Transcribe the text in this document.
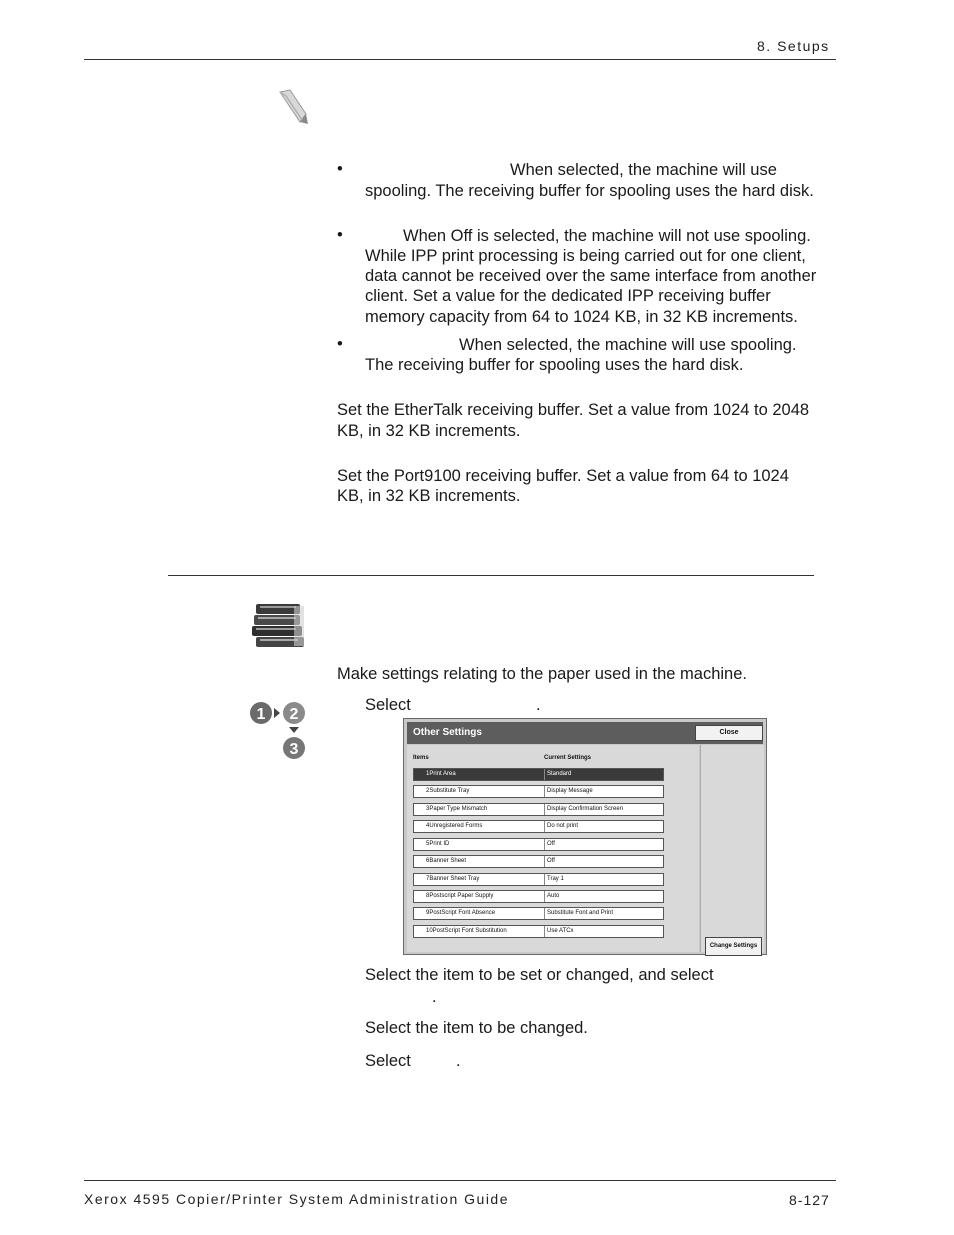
8. Setups
•	When selected, the machine will use
spooling. The receiving buffer for spooling uses the hard disk.
•	When Off is selected, the machine will not use spooling.
While IPP print processing is being carried out for one client,
data cannot be received over the same interface from another
client. Set a value for the dedicated IPP receiving buffer
memory capacity from 64 to 1024 KB, in 32 KB increments.
•	When selected, the machine will use spooling.
The receiving buffer for spooling uses the hard disk.
Set the EtherTalk receiving buffer. Set a value from 1024 to 2048
KB, in 32 KB increments.
Set the Port9100 receiving buffer. Set a value from 64 to 1024
KB, in 32 KB increments.
Make settings relating to the paper used in the machine.
1 2
3
Select	.
Other Settings	Close
Items	Current Settings
1Print Area	Standard
2Substitute Tray	Display Message
3Paper Type Mismatch	Display Confirmation Screen
4Unregistered Forms	Do not print
5Print ID	Off
6Banner Sheet	Off
7Banner Sheet Tray	Tray 1
8Postscript Paper Supply	Auto
9PostScript Font Absence	Substitute Font and Print
10PostScript Font Substitution	Use ATCx
Change Settings
Select the item to be set or changed, and select
.
Select the item to be changed.
Select	.
Xerox 4595 Copier/Printer System Administration Guide	8-127
